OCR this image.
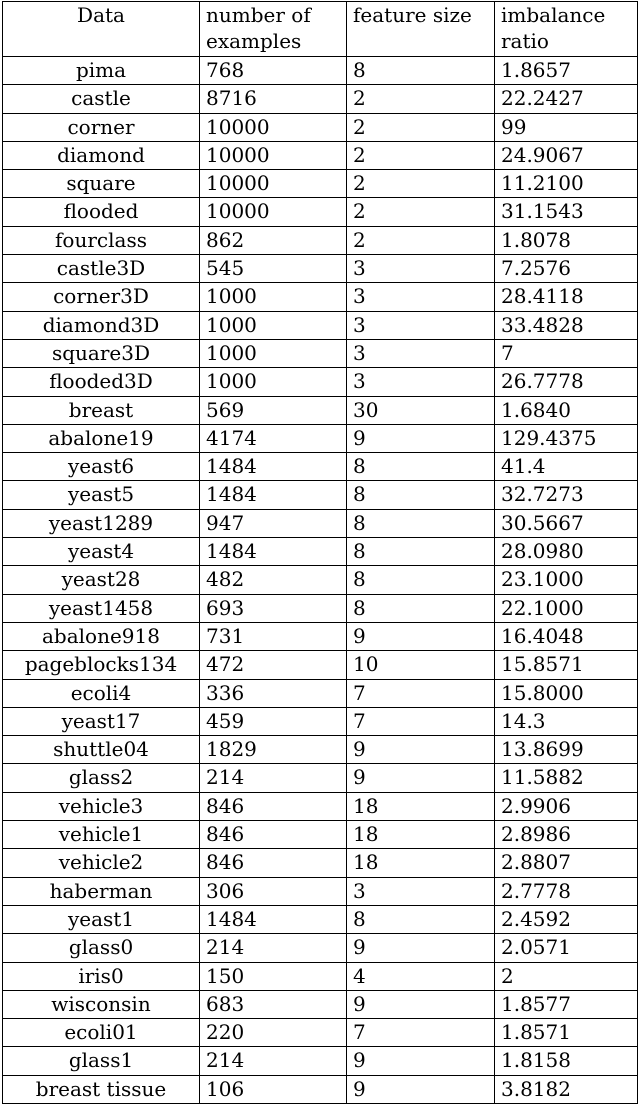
Data	number of examples	feature size	imbalance ratio
pima	768	8	1.8657
castle	8716	2	22.2427
corner	10000	2	99
diamond	10000	2	24.9067
square	10000	2	11.2100
flooded	10000	2	31.1543
fourclass	862	2	1.8078
castle3D	545	3	7.2576
corner3D	1000	3	28.4118
diamond3D	1000	3	33.4828
square3D	1000	3	7
flooded3D	1000	3	26.7778
breast	569	30	1.6840
abalone19	4174	9	129.4375
yeast6	1484	8	41.4
yeast5	1484	8	32.7273
yeast1289	947	8	30.5667
yeast4	1484	8	28.0980
yeast28	482	8	23.1000
yeast1458	693	8	22.1000
abalone918	731	9	16.4048
pageblocks134	472	10	15.8571
ecoli4	336	7	15.8000
yeast17	459	7	14.3
shuttle04	1829	9	13.8699
glass2	214	9	11.5882
vehicle3	846	18	2.9906
vehicle1	846	18	2.8986
vehicle2	846	18	2.8807
haberman	306	3	2.7778
yeast1	1484	8	2.4592
glass0	214	9	2.0571
iris0	150	4	2
wisconsin	683	9	1.8577
ecoli01	220	7	1.8571
glass1	214	9	1.8158
breast tissue	106	9	3.8182
